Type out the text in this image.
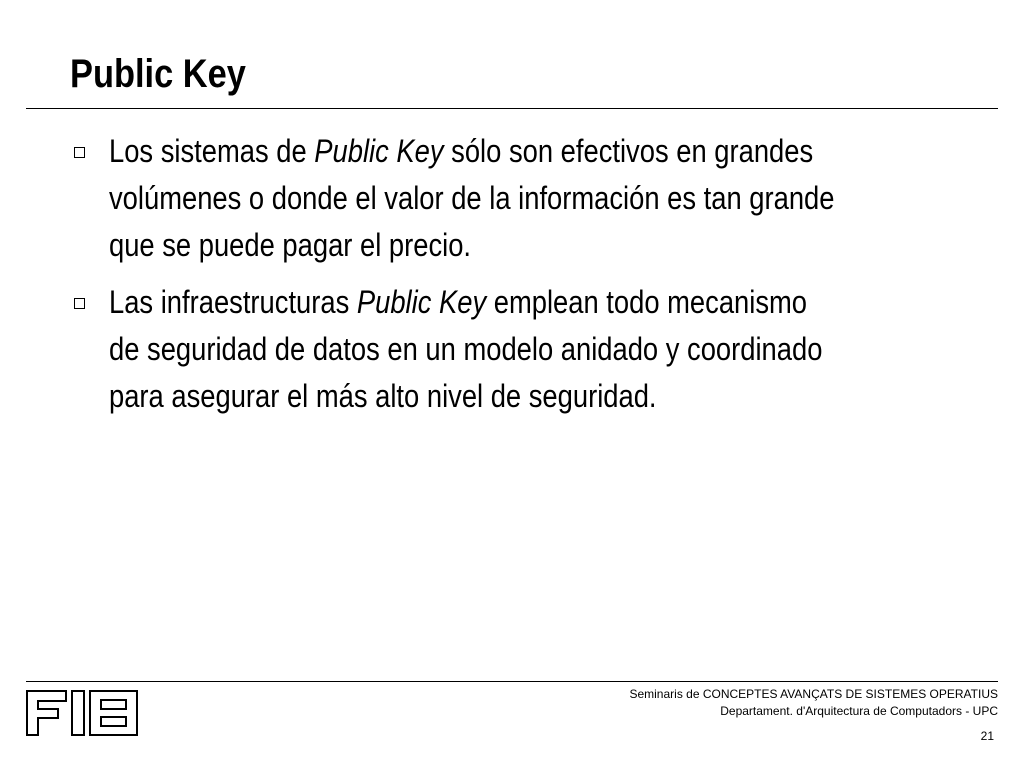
Public Key
Los sistemas de Public Key sólo son efectivos en grandes
volúmenes o donde el valor de la información es tan grande
que se puede pagar el precio.
Las infraestructuras Public Key emplean todo mecanismo
de seguridad de datos en un modelo anidado y coordinado
para asegurar el más alto nivel de seguridad.
Seminaris de CONCEPTES AVANÇATS DE SISTEMES OPERATIUS
Departament. d'Arquitectura de Computadors - UPC
21
